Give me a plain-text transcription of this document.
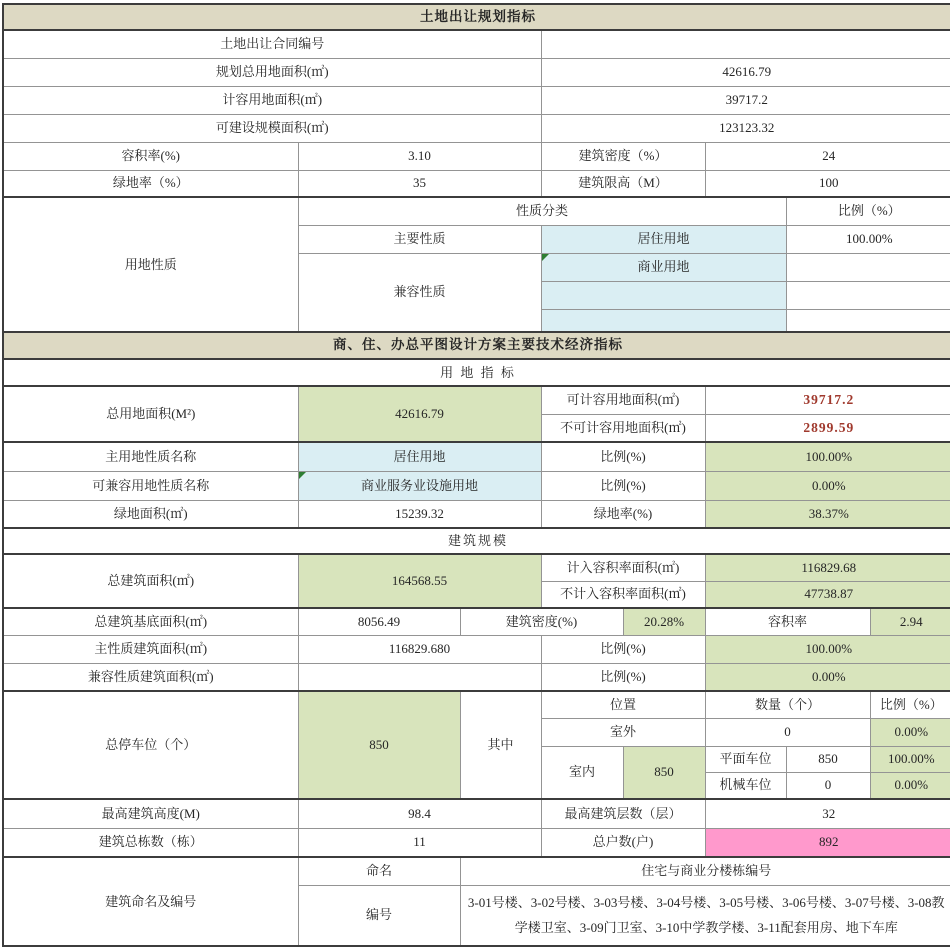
土地出让规划指标							
土地出让合同编号							
规划总用地面积(㎡)			42616.79				
计容用地面积(㎡)			39717.2				
可建设规模面积(㎡)			123123.32				
容积率(%)	3.10		建筑密度（%）		24		
绿地率（%）	35		建筑限高（M）		100		
用地性质	性质分类					比例（%）	
	主要性质		居住用地			100.00%	
	兼容性质		商业用地				

商、住、办总平图设计方案主要技术经济指标							
用 地 指 标							
总用地面积(M²)	42616.79		可计容用地面积(㎡)		39717.2		
			不可计容用地面积(㎡)		2899.59		
主用地性质名称	居住用地		比例(%)		100.00%		
可兼容用地性质名称	商业服务业设施用地		比例(%)		0.00%		
绿地面积(㎡)	15239.32		绿地率(%)		38.37%		
建筑规模							
总建筑面积(㎡)	164568.55		计入容积率面积(㎡)		116829.68		
			不计入容积率面积(㎡)		47738.87		
总建筑基底面积(㎡)	8056.49	建筑密度(%)		20.28%	容积率		2.94
主性质建筑面积(㎡)	116829.680		比例(%)		100.00%		
兼容性质建筑面积(㎡)			比例(%)		0.00%		
总停车位（个）	850	其中	位置		数量（个）		比例（%）
			室外		0		0.00%
			室内	850	平面车位	850	100.00%
					机械车位	0	0.00%
最高建筑高度(M)	98.4		最高建筑层数（层）		32		
建筑总栋数（栋）	11		总户数(户)		892		
建筑命名及编号	命名	住宅与商业分楼栋编号					
	编号	3-01号楼、3-02号楼、3-03号楼、3-04号楼、3-05号楼、3-06号楼、3-07号楼、3-08教学楼卫室、3-09门卫室、3-10中学教学楼、3-11配套用房、地下车库					
